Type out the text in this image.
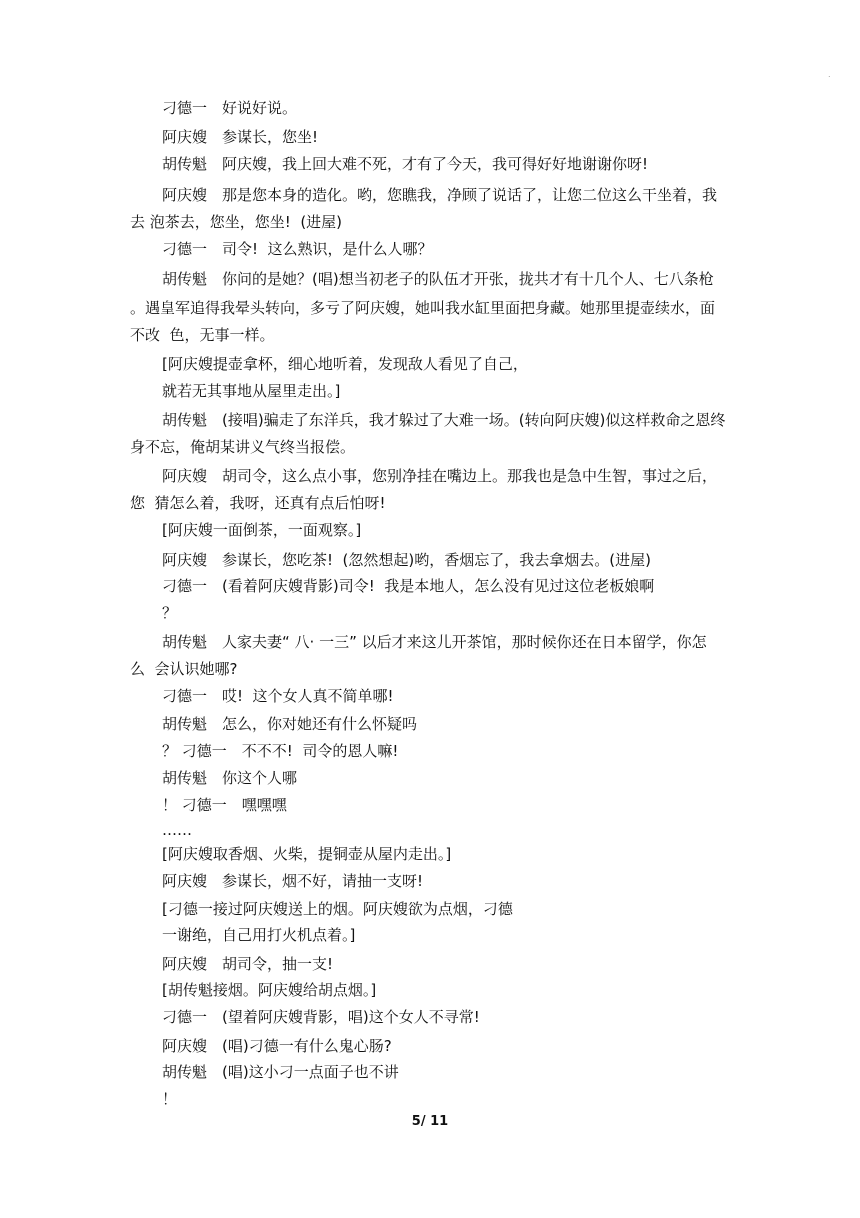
.
刁德一　好说好说。
阿庆嫂　参谋长，您坐!
胡传魁　阿庆嫂，我上回大难不死，才有了今天，我可得好好地谢谢你呀!
阿庆嫂　那是您本身的造化。哟，您瞧我，净顾了说话了，让您二位这么干坐着，我
去 泡茶去，您坐，您坐!  (进屋)
刁德一　司令!  这么熟识，是什么人哪？
胡传魁　你问的是她？(唱)想当初老子的队伍才开张，拢共才有十几个人、七八条枪
。遇皇军追得我晕头转向，多亏了阿庆嫂，她叫我水缸里面把身藏。她那里提壶续水，面
不改  色，无事一样。
[阿庆嫂提壶拿杯，细心地听着，发现敌人看见了自己，
就若无其事地从屋里走出。]
胡传魁　(接唱)骗走了东洋兵，我才躲过了大难一场。(转向阿庆嫂)似这样救命之恩终
身不忘，俺胡某讲义气终当报偿。
阿庆嫂　胡司令，这么点小事，您别净挂在嘴边上。那我也是急中生智，事过之后，
您  猜怎么着，我呀，还真有点后怕呀!
[阿庆嫂一面倒茶，一面观察。]
阿庆嫂　参谋长，您吃茶!  (忽然想起)哟，香烟忘了，我去拿烟去。(进屋)
刁德一　(看着阿庆嫂背影)司令!  我是本地人，怎么没有见过这位老板娘啊
？
胡传魁　人家夫妻“ 八· 一三” 以后才来这儿开茶馆，那时候你还在日本留学，你怎
么  会认识她哪?
刁德一　哎!  这个女人真不简单哪!
胡传魁　怎么，你对她还有什么怀疑吗
？ 刁德一　不不不!  司令的恩人嘛!
胡传魁　你这个人哪
！ 刁德一　嘿嘿嘿
……
[阿庆嫂取香烟、火柴，提铜壶从屋内走出。]
阿庆嫂　参谋长，烟不好，请抽一支呀!
[刁德一接过阿庆嫂送上的烟。阿庆嫂欲为点烟，刁德
一谢绝，自己用打火机点着。]
阿庆嫂　胡司令，抽一支!
[胡传魁接烟。阿庆嫂给胡点烟。]
刁德一　(望着阿庆嫂背影，唱)这个女人不寻常!
阿庆嫂　(唱)刁德一有什么鬼心肠?
胡传魁　(唱)这小刁一点面子也不讲
！
5/ 11
